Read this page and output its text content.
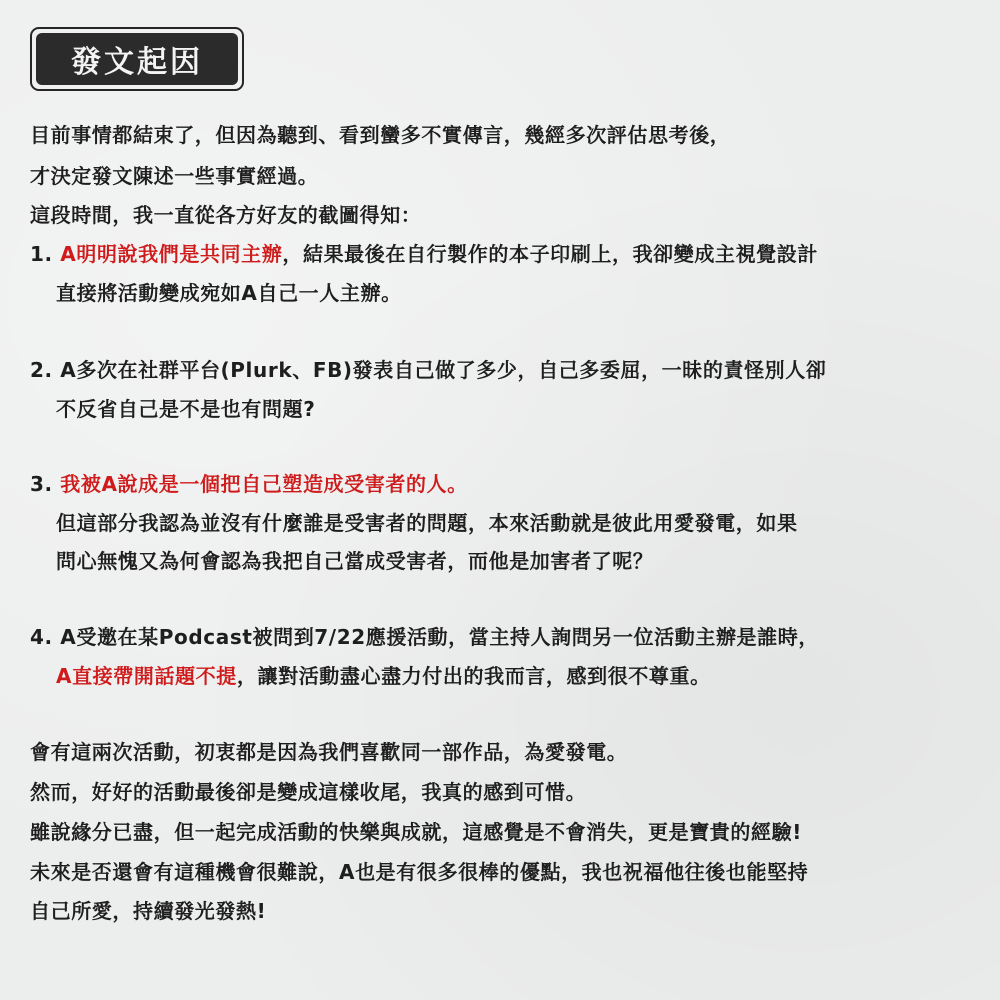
發文起因
目前事情都結束了，但因為聽到、看到蠻多不實傳言，幾經多次評估思考後，
才決定發文陳述一些事實經過。
這段時間，我一直從各方好友的截圖得知：
1. A明明說我們是共同主辦，結果最後在自行製作的本子印刷上，我卻變成主視覺設計
直接將活動變成宛如A自己一人主辦。
2. A多次在社群平台(Plurk、FB)發表自己做了多少，自己多委屈，一昧的責怪別人卻
不反省自己是不是也有問題?
3. 我被A說成是一個把自己塑造成受害者的人。
但這部分我認為並沒有什麼誰是受害者的問題，本來活動就是彼此用愛發電，如果
問心無愧又為何會認為我把自己當成受害者，而他是加害者了呢？
4. A受邀在某Podcast被問到7/22應援活動，當主持人詢問另一位活動主辦是誰時，
A直接帶開話題不提，讓對活動盡心盡力付出的我而言，感到很不尊重。
會有這兩次活動，初衷都是因為我們喜歡同一部作品，為愛發電。
然而，好好的活動最後卻是變成這樣收尾，我真的感到可惜。
雖說緣分已盡，但一起完成活動的快樂與成就，這感覺是不會消失，更是寶貴的經驗!
未來是否還會有這種機會很難說，A也是有很多很棒的優點，我也祝福他往後也能堅持
自己所愛，持續發光發熱!
